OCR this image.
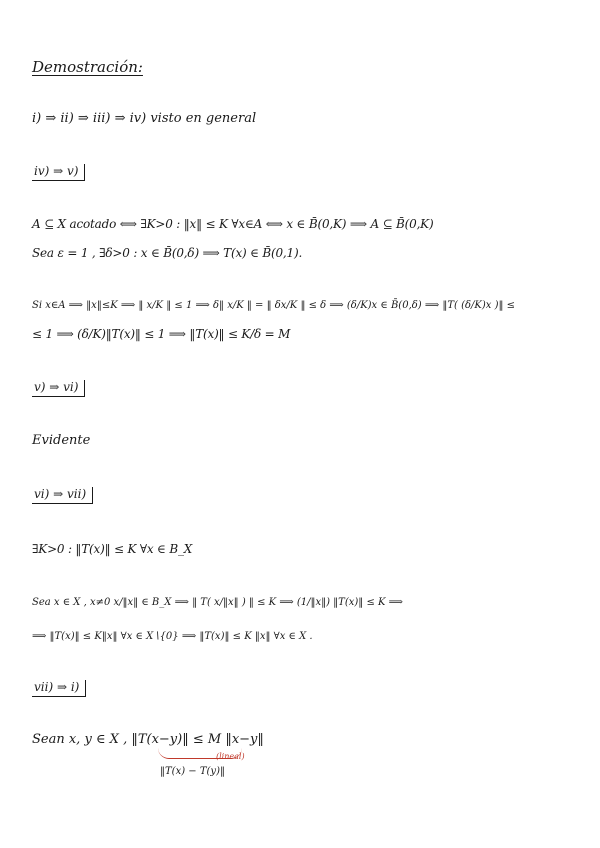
Demostración:
i) ⇒ ii) ⇒ iii) ⇒ iv) visto en general
iv) ⇒ v)
A ⊆ X acotado ⟺ ∃K>0 : ‖x‖ ≤ K ∀x∈A ⟺ x ∈ B̄(0,K) ⟹ A ⊆ B̄(0,K)
Sea ε = 1 , ∃δ>0 : x ∈ B̄(0,δ) ⟹ T(x) ∈ B̄(0,1).
Si x∈A ⟹ ‖x‖≤K ⟹ ‖ x/K ‖ ≤ 1 ⟹ δ‖ x/K ‖ = ‖ δx/K ‖ ≤ δ ⟹ (δ/K)x ∈ B̄(0,δ) ⟹ ‖T( (δ/K)x )‖ ≤
≤ 1 ⟹ (δ/K)‖T(x)‖ ≤ 1 ⟹ ‖T(x)‖ ≤ K/δ = M
v) ⇒ vi)
Evidente
vi) ⇒ vii)
∃K>0 : ‖T(x)‖ ≤ K ∀x ∈ B_X
Sea x ∈ X , x≠0 x/‖x‖ ∈ B_X ⟹ ‖ T( x/‖x‖ ) ‖ ≤ K ⟹ (1/‖x‖) ‖T(x)‖ ≤ K ⟹
⟹ ‖T(x)‖ ≤ K‖x‖ ∀x ∈ X∖{0} ⟹ ‖T(x)‖ ≤ K ‖x‖ ∀x ∈ X .
vii) ⇒ i)
Sean x, y ∈ X , ‖T(x−y)‖ ≤ M ‖x−y‖
(lineal)
‖T(x) − T(y)‖
